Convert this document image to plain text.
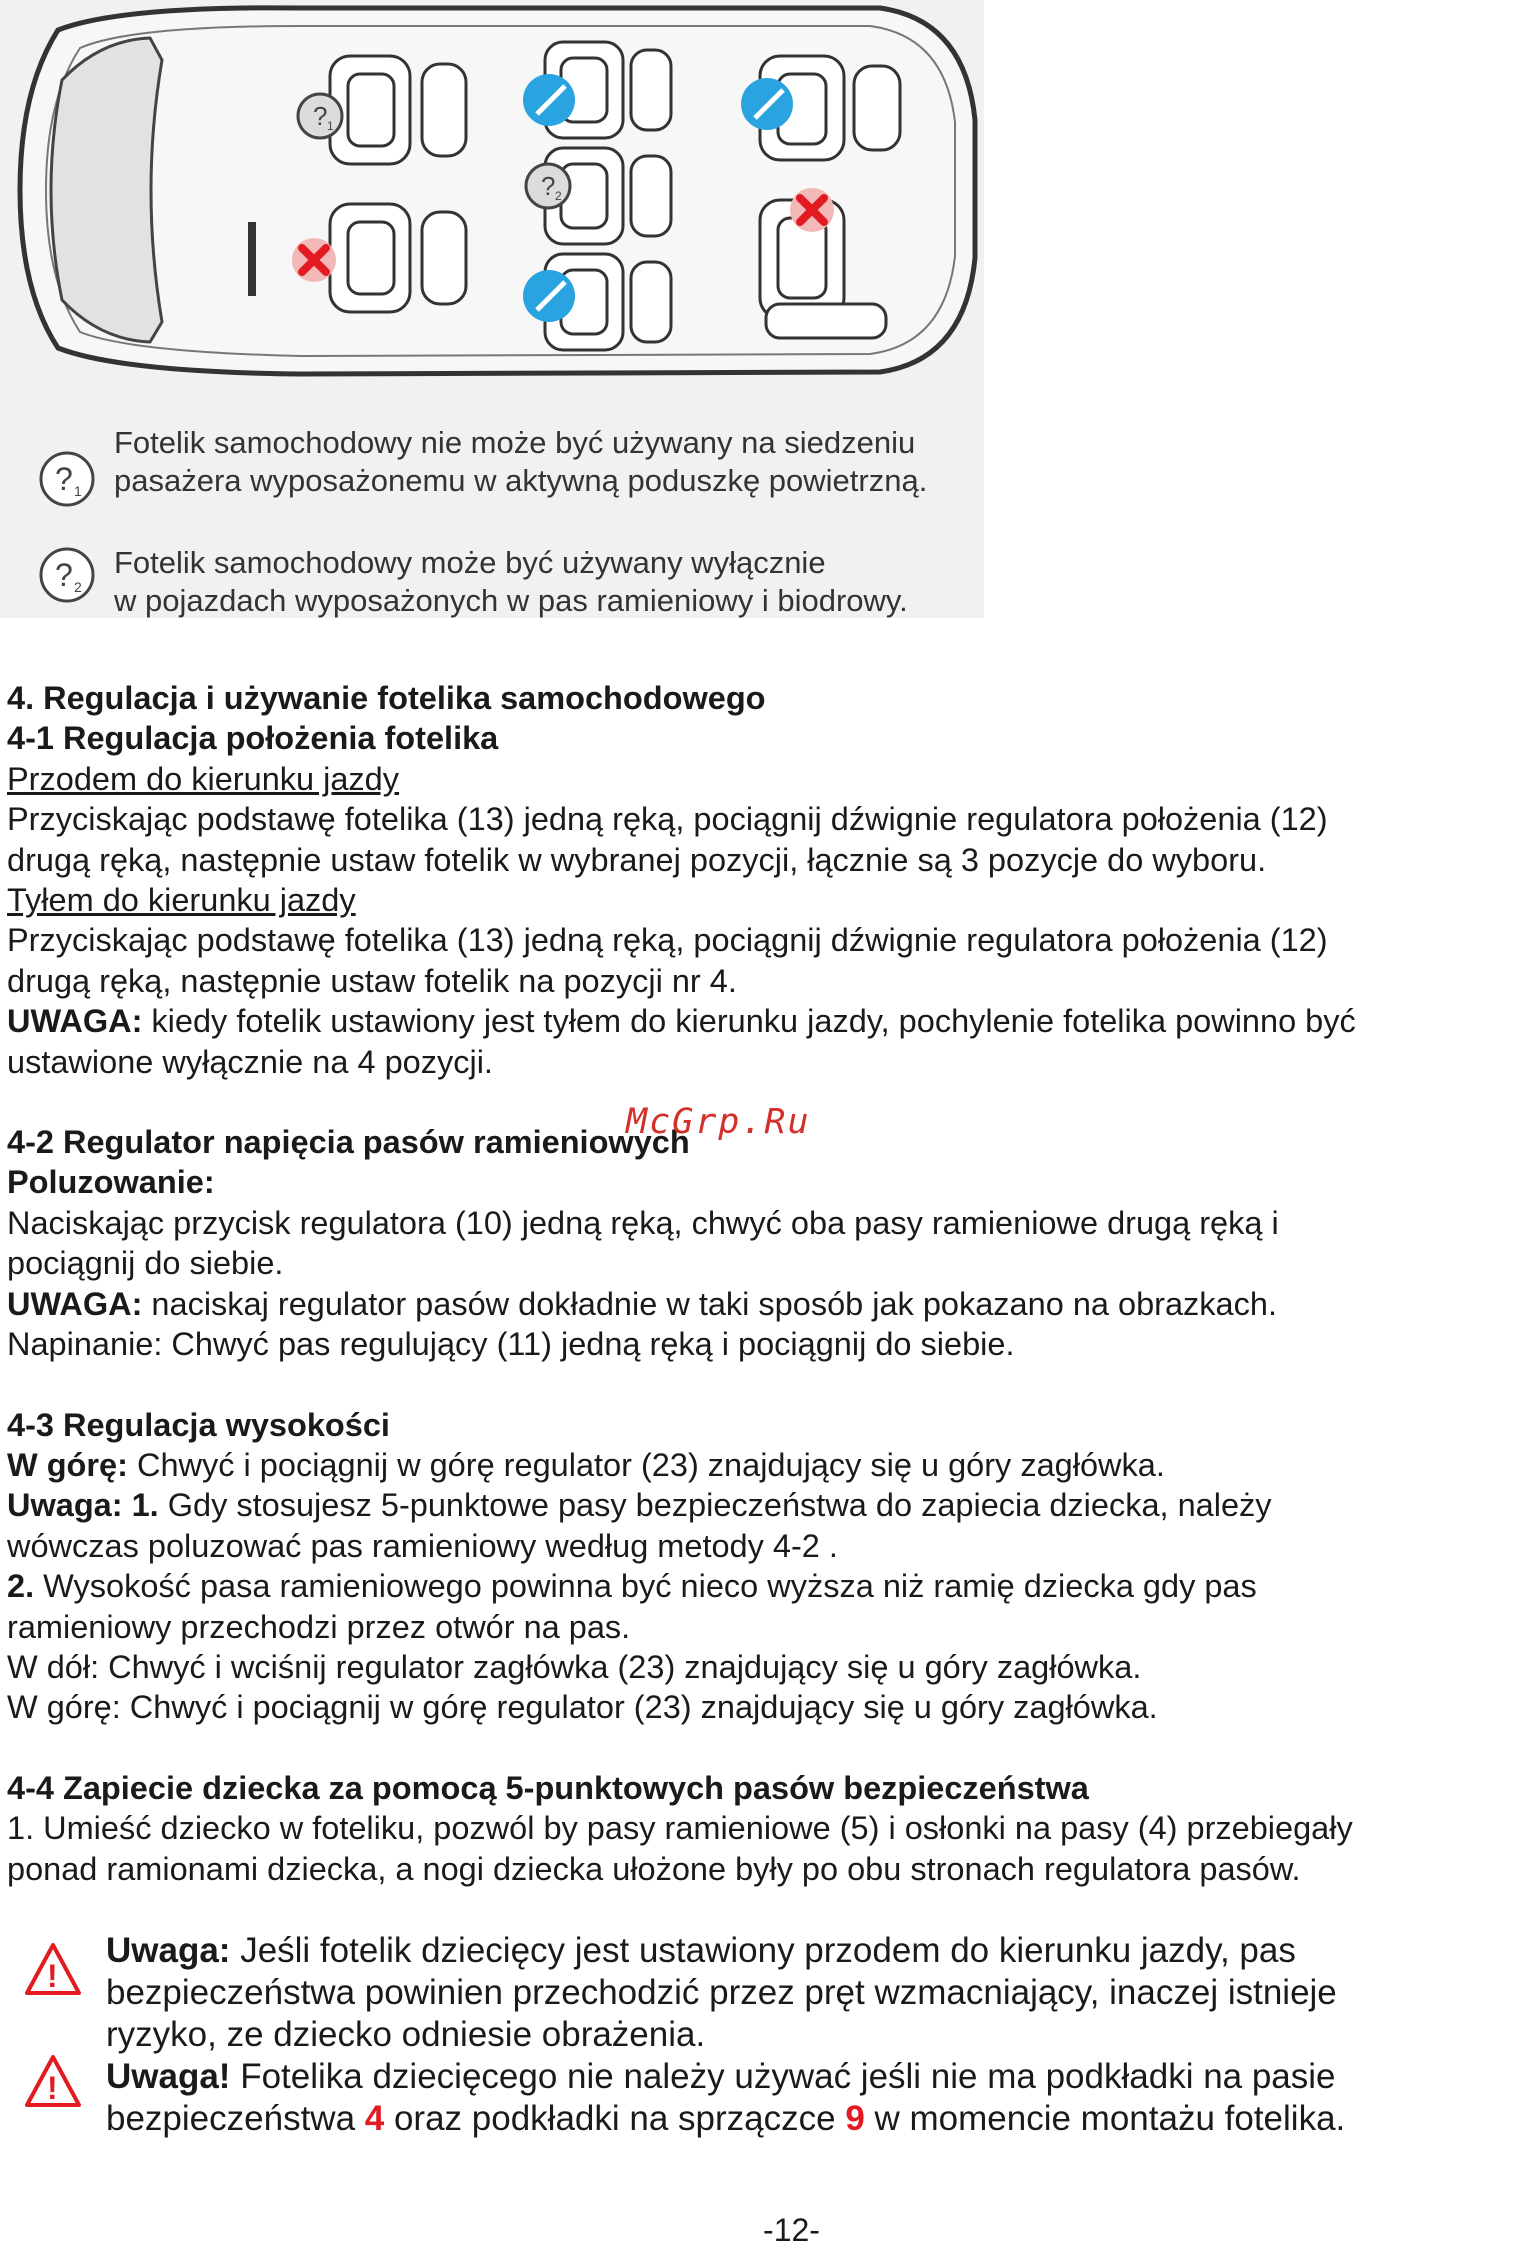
? 1
? 2
? 1
Fotelik samochodowy nie może być używany na siedzeniu
pasażera wyposażonemu w aktywną poduszkę powietrzną.
? 2
Fotelik samochodowy może być używany wyłącznie
w pojazdach wyposażonych w pas ramieniowy i biodrowy.

4. Regulacja i używanie fotelika samochodowego

4-1 Regulacja położenia fotelika

Przodem do kierunku jazdy

Przyciskając podstawę fotelika (13) jedną ręką, pociągnij dźwignie regulatora położenia (12)

drugą ręką, następnie ustaw fotelik w wybranej pozycji, łącznie są 3 pozycje do wyboru.

Tyłem do kierunku jazdy

Przyciskając podstawę fotelika (13) jedną ręką, pociągnij dźwignie regulatora położenia (12)

drugą ręką, następnie ustaw fotelik na pozycji nr 4.

UWAGA: kiedy fotelik ustawiony jest tyłem do kierunku jazdy, pochylenie fotelika powinno być

ustawione wyłącznie na 4 pozycji.

4-2 Regulator napięcia pasów ramieniowych

Poluzowanie:

Naciskając przycisk regulatora (10) jedną ręką, chwyć oba pasy ramieniowe drugą ręką i

pociągnij do siebie.

UWAGA: naciskaj regulator pasów dokładnie w taki sposób jak pokazano na obrazkach.

Napinanie: Chwyć pas regulujący (11) jedną ręką i pociągnij do siebie.

4-3 Regulacja wysokości

W górę: Chwyć i pociągnij w górę regulator (23) znajdujący się u góry zagłówka.

Uwaga: 1. Gdy stosujesz 5-punktowe pasy bezpieczeństwa do zapiecia dziecka, należy

wówczas poluzować pas ramieniowy według metody 4-2 .

2. Wysokość pasa ramieniowego powinna być nieco wyższa niż ramię dziecka gdy pas

ramieniowy przechodzi przez otwór na pas.

W dół: Chwyć i wciśnij regulator zagłówka (23) znajdujący się u góry zagłówka.

W górę: Chwyć i pociągnij w górę regulator (23) znajdujący się u góry zagłówka.

4-4 Zapiecie dziecka za pomocą 5-punktowych pasów bezpieczeństwa

1. Umieść dziecko w foteliku, pozwól by pasy ramieniowe (5) i osłonki na pasy (4) przebiegały

ponad ramionami dziecka, a nogi dziecka ułożone były po obu stronach regulatora pasów.

McGrp.Ru
!
Uwaga: Jeśli fotelik dziecięcy jest ustawiony przodem do kierunku jazdy, pas
bezpieczeństwa powinien przechodzić przez pręt wzmacniający, inaczej istnieje
ryzyko, ze dziecko odniesie obrażenia.
! Uwaga! Fotelika dziecięcego nie należy używać jeśli nie ma podkładki na pasie
bezpieczeństwa 4 oraz podkładki na sprzączce 9 w momencie montażu fotelika.
-12-
